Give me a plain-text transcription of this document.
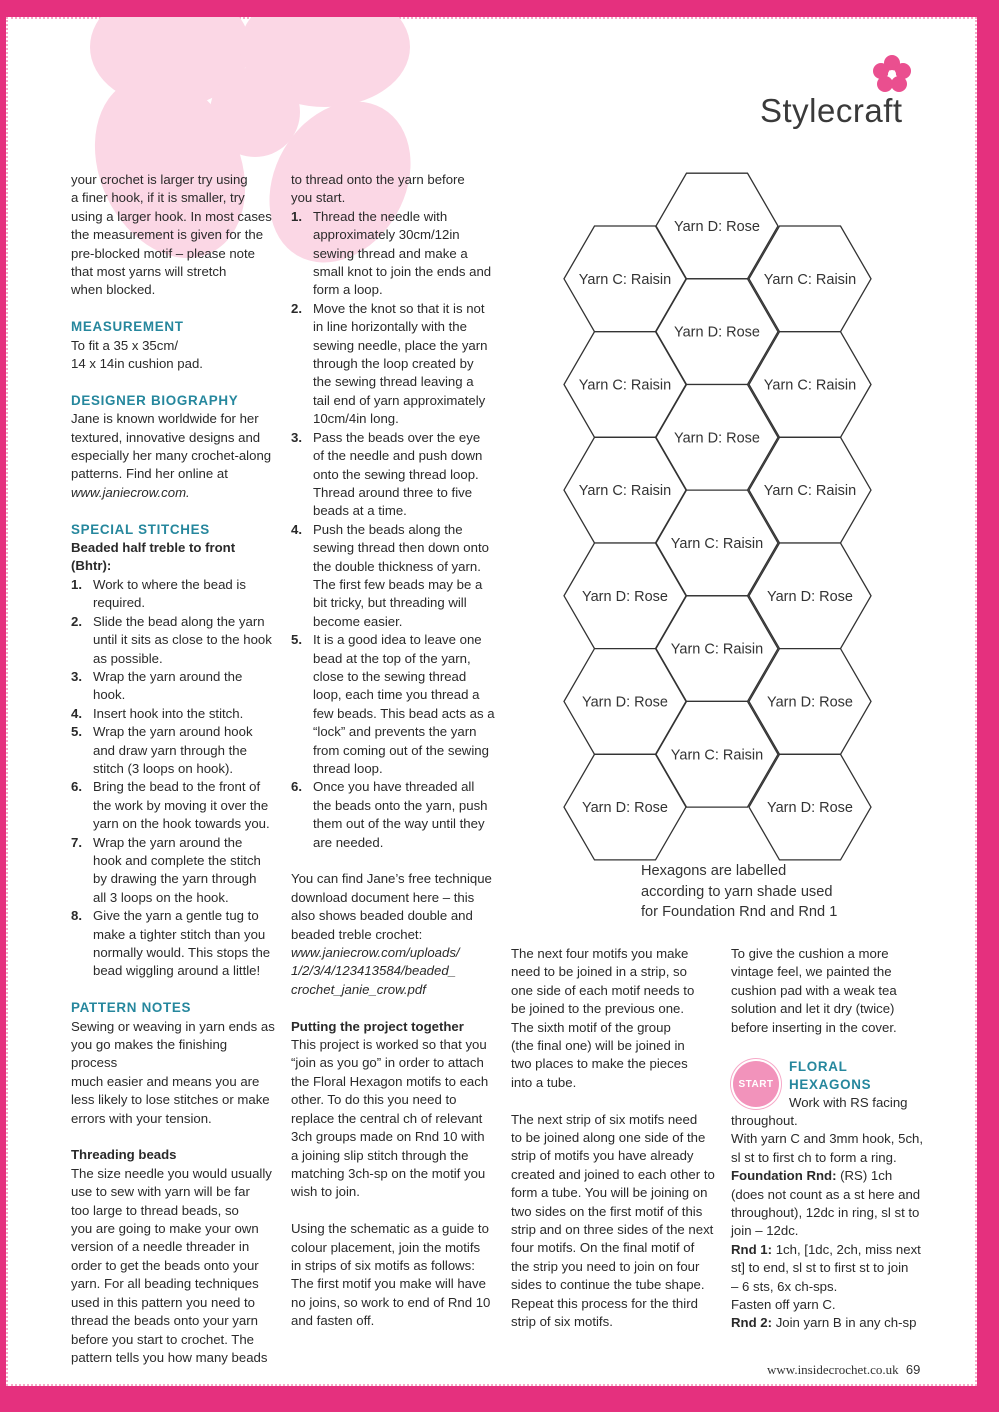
Stylecraft
your crochet is larger try using
a finer hook, if it is smaller, try
using a larger hook. In most cases
the measurement is given for the
pre-blocked motif – please note
that most yarns will stretch
when blocked.

MEASUREMENT

To fit a 35 x 35cm/
14 x 14in cushion pad.

DESIGNER BIOGRAPHY

Jane is known worldwide for her
textured, innovative designs and
especially her many crochet-along
patterns. Find her online at

www.janiecrow.com.

SPECIAL STITCHES

Beaded half treble to front
(Bhtr):
1. Work to where the bead is
required.
2. Slide the bead along the yarn
until it sits as close to the hook
as possible.
3. Wrap the yarn around the hook.
4. Insert hook into the stitch.
5. Wrap the yarn around hook
and draw yarn through the
stitch (3 loops on hook).
6. Bring the bead to the front of
the work by moving it over the
yarn on the hook towards you.
7. Wrap the yarn around the
hook and complete the stitch
by drawing the yarn through
all 3 loops on the hook.
8. Give the yarn a gentle tug to
make a tighter stitch than you
normally would. This stops the
bead wiggling around a little!

PATTERN NOTES

Sewing or weaving in yarn ends as
you go makes the finishing process
much easier and means you are
less likely to lose stitches or make
errors with your tension.

Threading beads

The size needle you would usually
use to sew with yarn will be far
too large to thread beads, so
you are going to make your own
version of a needle threader in
order to get the beads onto your
yarn. For all beading techniques
used in this pattern you need to
thread the beads onto your yarn
before you start to crochet. The
pattern tells you how many beads
to thread onto the yarn before
you start.
1. Thread the needle with
approximately 30cm/12in
sewing thread and make a
small knot to join the ends and
form a loop.
2. Move the knot so that it is not
in line horizontally with the
sewing needle, place the yarn
through the loop created by
the sewing thread leaving a
tail end of yarn approximately
10cm/4in long.
3. Pass the beads over the eye
of the needle and push down
onto the sewing thread loop.
Thread around three to five
beads at a time.
4. Push the beads along the
sewing thread then down onto
the double thickness of yarn.
The first few beads may be a
bit tricky, but threading will
become easier.
5. It is a good idea to leave one
bead at the top of the yarn,
close to the sewing thread
loop, each time you thread a
few beads. This bead acts as a
“lock” and prevents the yarn
from coming out of the sewing
thread loop.
6. Once you have threaded all
the beads onto the yarn, push
them out of the way until they
are needed.
You can find Jane’s free technique
download document here – this
also shows beaded double and
beaded treble crochet:
www.janiecrow.com/uploads/
1/2/3/4/123413584/beaded_
crochet_janie_crow.pdf

Putting the project together

This project is worked so that you
“join as you go” in order to attach
the Floral Hexagon motifs to each
other. To do this you need to
replace the central ch of relevant
3ch groups made on Rnd 10 with
a joining slip stitch through the
matching 3ch-sp on the motif you
wish to join.
Using the schematic as a guide to
colour placement, join the motifs
in strips of six motifs as follows:
The first motif you make will have
no joins, so work to end of Rnd 10
and fasten off.
Yarn D: Rose
Yarn C: Raisin	Yarn C: Raisin
Yarn D: Rose
Yarn C: Raisin	Yarn C: Raisin
Yarn D: Rose
Yarn C: Raisin	Yarn C: Raisin
Yarn C: Raisin
Yarn D: Rose	Yarn D: Rose
Yarn C: Raisin
Yarn D: Rose	Yarn D: Rose
Yarn C: Raisin
Yarn D: Rose	Yarn D: Rose
Hexagons are labelled
according to yarn shade used
for Foundation Rnd and Rnd 1
The next four motifs you make
need to be joined in a strip, so
one side of each motif needs to
be joined to the previous one.
The sixth motif of the group
(the final one) will be joined in
two places to make the pieces
into a tube.
The next strip of six motifs need
to be joined along one side of the
strip of motifs you have already
created and joined to each other to
form a tube. You will be joining on
two sides on the first motif of this
strip and on three sides of the next
four motifs. On the final motif of
the strip you need to join on four
sides to continue the tube shape.
Repeat this process for the third
strip of six motifs.
To give the cushion a more
vintage feel, we painted the
cushion pad with a weak tea
solution and let it dry (twice)
before inserting in the cover.
START
FLORAL
HEXAGONS

Work with RS facing

throughout.

With yarn C and 3mm hook, 5ch,
sl st to first ch to form a ring.
Foundation Rnd: (RS) 1ch
(does not count as a st here and
throughout), 12dc in ring, sl st to
join – 12dc.
Rnd 1: 1ch, [1dc, 2ch, miss next
st] to end, sl st to first st to join
– 6 sts, 6x ch-sps.
Fasten off yarn C.
Rnd 2: Join yarn B in any ch-sp
www.insidecrochet.co.uk 69
